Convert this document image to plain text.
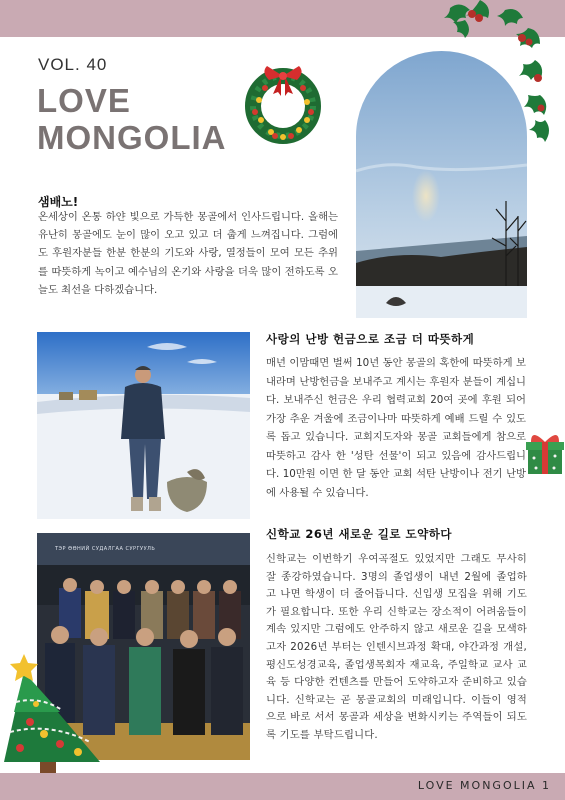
VOL. 40
LOVE
MONGOLIA
샘배노!
온세상이 온통 하얀 빛으로 가득한 몽골에서 인사드립니다. 올해는 유난히 몽골에도 눈이 많이 오고 있고 더 춥게 느껴집니다. 그럼에도 후원자분들 한분 한분의 기도와 사랑, 열정들이 모여 모든 추위를 따뜻하게 녹이고 예수님의 온기와 사랑을 더욱 많이 전하도록 오늘도 최선을 다하겠습니다.
사랑의 난방 헌금으로 조금 더 따뜻하게
매년 이맘때면 벌써 10년 동안 몽골의 혹한에 따뜻하게 보내라며 난방헌금을 보내주고 계시는 후원자 분들이 계십니다. 보내주신 헌금은 우리 협력교회 20여 곳에 후원 되어 가장 추운 겨울에 조금이나마 따뜻하게 예배 드릴 수 있도록 돕고 있습니다. 교회지도자와 몽골 교회들에게 참으로 따뜻하고 감사 한 '성탄 선물'이 되고 있음에 감사드립니다. 10만원 이면 한 달 동안 교회 석탄 난방이나 전기 난방에 사용될 수 있습니다.
ТЭР ӨӨНИЙ СУДАЛГАА СУРГУУЛЬ
신학교 26년 새로운 길로 도약하다
신학교는 이번학기 우여곡절도 있었지만 그래도 무사히 잘 종강하였습니다. 3명의 졸업생이 내년 2월에 졸업하고 나면 학생이 더 줄어듭니다. 신입생 모집을 위해 기도가 필요합니다. 또한 우리 신학교는 장소적이 어려움들이 계속 있지만 그럼에도 안주하지 않고 새로운 길을 모색하고자 2026년 부터는 인텐시브과정 확대, 야간과정 개설, 평신도성경교육, 졸업생목회자 재교육, 주일학교 교사 교육 등 다양한 컨텐츠를 만들어 도약하고자 준비하고 있습니다. 신학교는 곧 몽골교회의 미래입니다. 이들이 영적으로 바로 서서 몽골과 세상을 변화시키는 주역들이 되도록 기도를 부탁드립니다.
LOVE MONGOLIA 1
